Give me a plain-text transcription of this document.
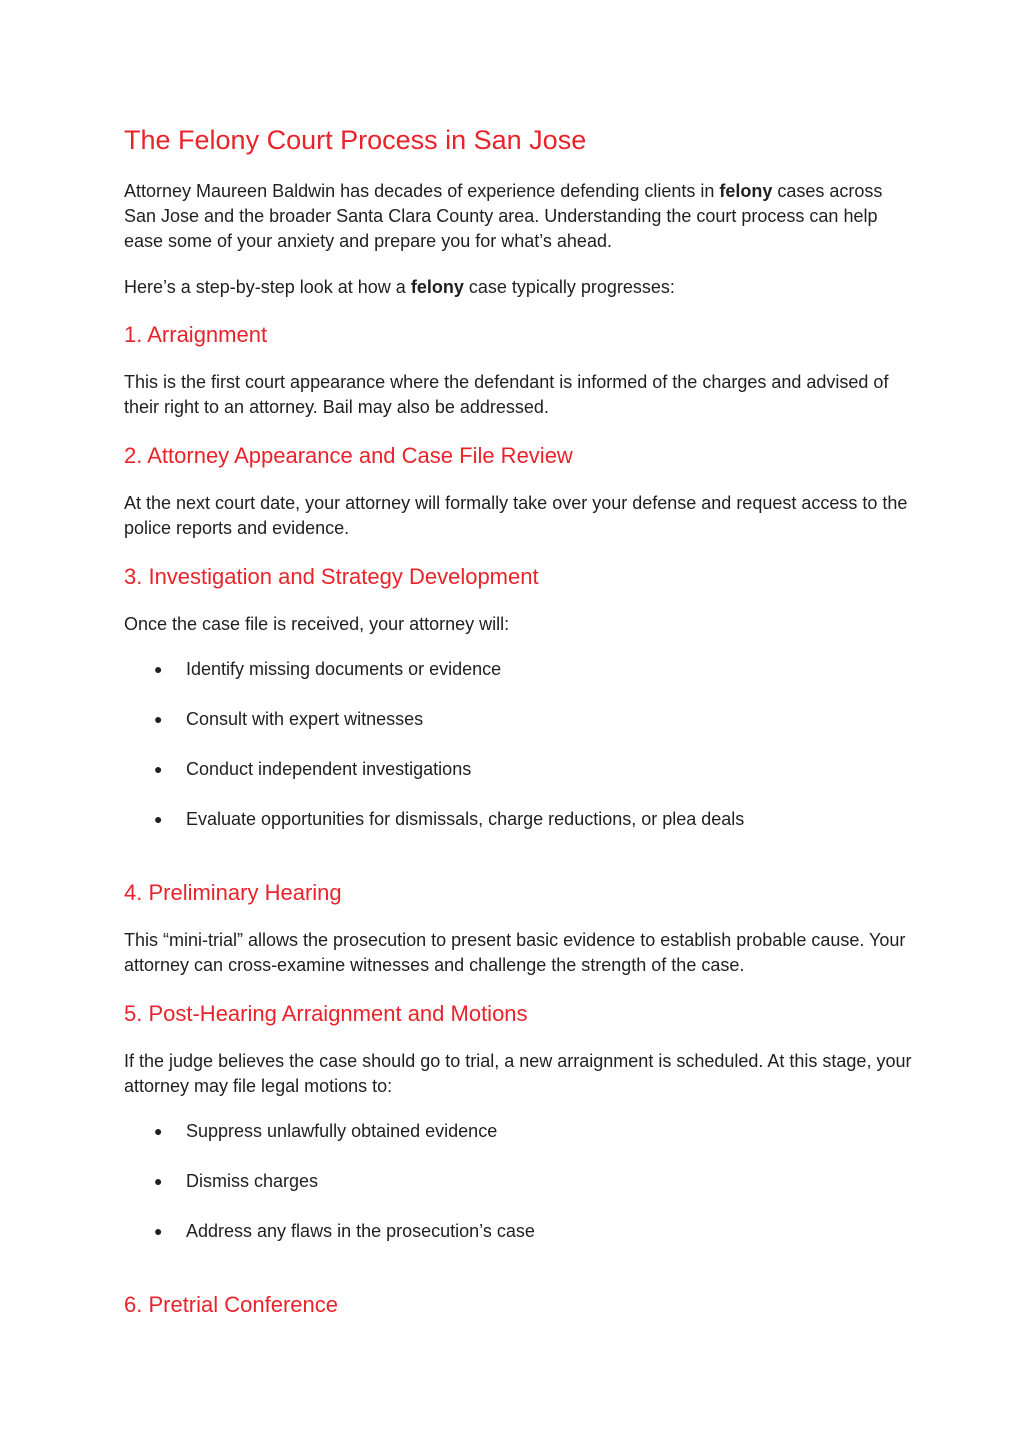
The Felony Court Process in San Jose

Attorney Maureen Baldwin has decades of experience defending clients in felony cases across San Jose and the broader Santa Clara County area. Understanding the court process can help ease some of your anxiety and prepare you for what’s ahead.

Here’s a step-by-step look at how a felony case typically progresses:

1. Arraignment

This is the first court appearance where the defendant is informed of the charges and advised of their right to an attorney. Bail may also be addressed.

2. Attorney Appearance and Case File Review

At the next court date, your attorney will formally take over your defense and request access to the police reports and evidence.

3. Investigation and Strategy Development

Once the case file is received, your attorney will:

●	Identify missing documents or evidence
●	Consult with expert witnesses
●	Conduct independent investigations
●	Evaluate opportunities for dismissals, charge reductions, or plea deals
4. Preliminary Hearing

This “mini-trial” allows the prosecution to present basic evidence to establish probable cause. Your attorney can cross-examine witnesses and challenge the strength of the case.

5. Post-Hearing Arraignment and Motions

If the judge believes the case should go to trial, a new arraignment is scheduled. At this stage, your attorney may file legal motions to:

●	Suppress unlawfully obtained evidence
●	Dismiss charges
●	Address any flaws in the prosecution’s case
6. Pretrial Conference
